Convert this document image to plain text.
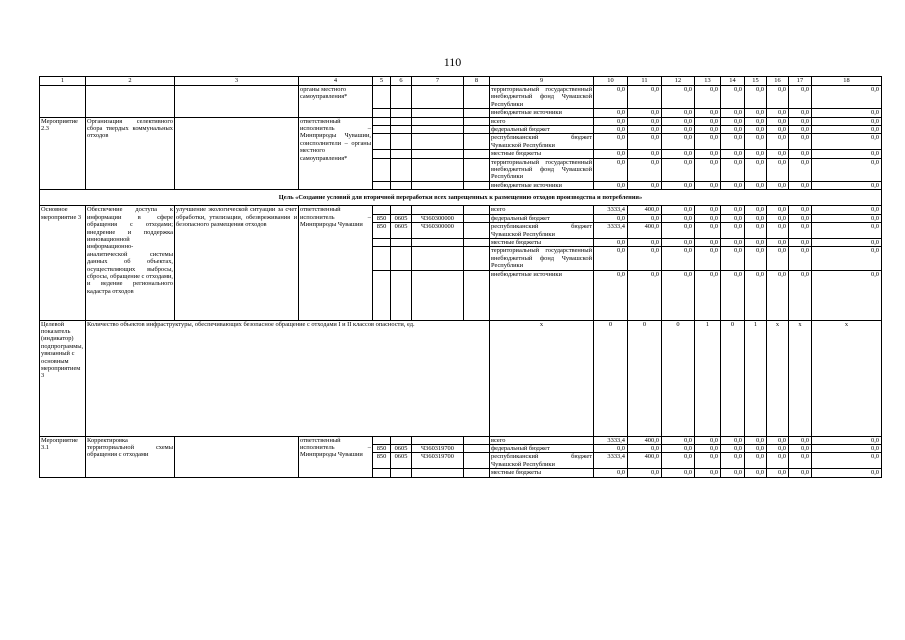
110
1	2	3	4	5	6	7	8	9	10	11	12	13	14	15	16	17	18
			органы местного самоуправления*					территориальный государственный внебюджетный фонд Чувашской Республики	0,0	0,0	0,0	0,0	0,0	0,0	0,0	0,0	0,0
								внебюджетные источники	0,0	0,0	0,0	0,0	0,0	0,0	0,0	0,0	0,0
Мероприятие 2.3	Организация селективного сбора твердых коммунальных отходов		ответственный исполнитель – Минприроды Чувашии, соисполнители – органы местного самоуправления*					всего	0,0	0,0	0,0	0,0	0,0	0,0	0,0	0,0	0,0
								федеральный бюджет	0,0	0,0	0,0	0,0	0,0	0,0	0,0	0,0	0,0
								республиканский бюджет Чувашской Республики	0,0	0,0	0,0	0,0	0,0	0,0	0,0	0,0	0,0
								местные бюджеты	0,0	0,0	0,0	0,0	0,0	0,0	0,0	0,0	0,0
								территориальный государственный внебюджетный фонд Чувашской Республики	0,0	0,0	0,0	0,0	0,0	0,0	0,0	0,0	0,0
								внебюджетные источники	0,0	0,0	0,0	0,0	0,0	0,0	0,0	0,0	0,0
Цель «Создание условий для вторичной переработки всех запрещенных к размещению отходов производства и потребления»																	
Основное мероприятие 3	Обеспечение доступа к информации в сфере обращения с отходами; внедрение и поддержка инновационной информационно-аналитической системы данных об объектах, осуществляющих выбросы, сбросы, обращение с отходами, и ведение регионального кадастра отходов	улучшение экологической ситуации за счет обработки, утилизации, обезвреживания и безопасного размещения отходов	ответственный исполнитель – Минприроды Чувашии					всего	3333,4	400,0	0,0	0,0	0,0	0,0	0,0	0,0	0,0
				850	0605	Ч360300000		федеральный бюджет	0,0	0,0	0,0	0,0	0,0	0,0	0,0	0,0	0,0
				850	0605	Ч360300000		республиканский бюджет Чувашской Республики	3333,4	400,0	0,0	0,0	0,0	0,0	0,0	0,0	0,0
								местные бюджеты	0,0	0,0	0,0	0,0	0,0	0,0	0,0	0,0	0,0
								территориальный государственный внебюджетный фонд Чувашской Республики	0,0	0,0	0,0	0,0	0,0	0,0	0,0	0,0	0,0
								внебюджетные источники	0,0	0,0	0,0	0,0	0,0	0,0	0,0	0,0	0,0
Целевой показатель (индикатор) подпрограммы, увязанный с основным мероприятием 3	Количество объектов инфраструктуры, обеспечивающих безопасное обращение с отходами I и II классов опасности, ед.							x	0	0	0	1	0	1	x	x	x
Мероприятие 3.1	Корректировка территориальной схемы обращения с отходами		ответственный исполнитель – Минприроды Чувашии					всего	3333,4	400,0	0,0	0,0	0,0	0,0	0,0	0,0	0,0
				850	0605	Ч360319700		федеральный бюджет	0,0	0,0	0,0	0,0	0,0	0,0	0,0	0,0	0,0
				850	0605	Ч360319700		республиканский бюджет Чувашской Республики	3333,4	400,0	0,0	0,0	0,0	0,0	0,0	0,0	0,0
								местные бюджеты	0,0	0,0	0,0	0,0	0,0	0,0	0,0	0,0	0,0
